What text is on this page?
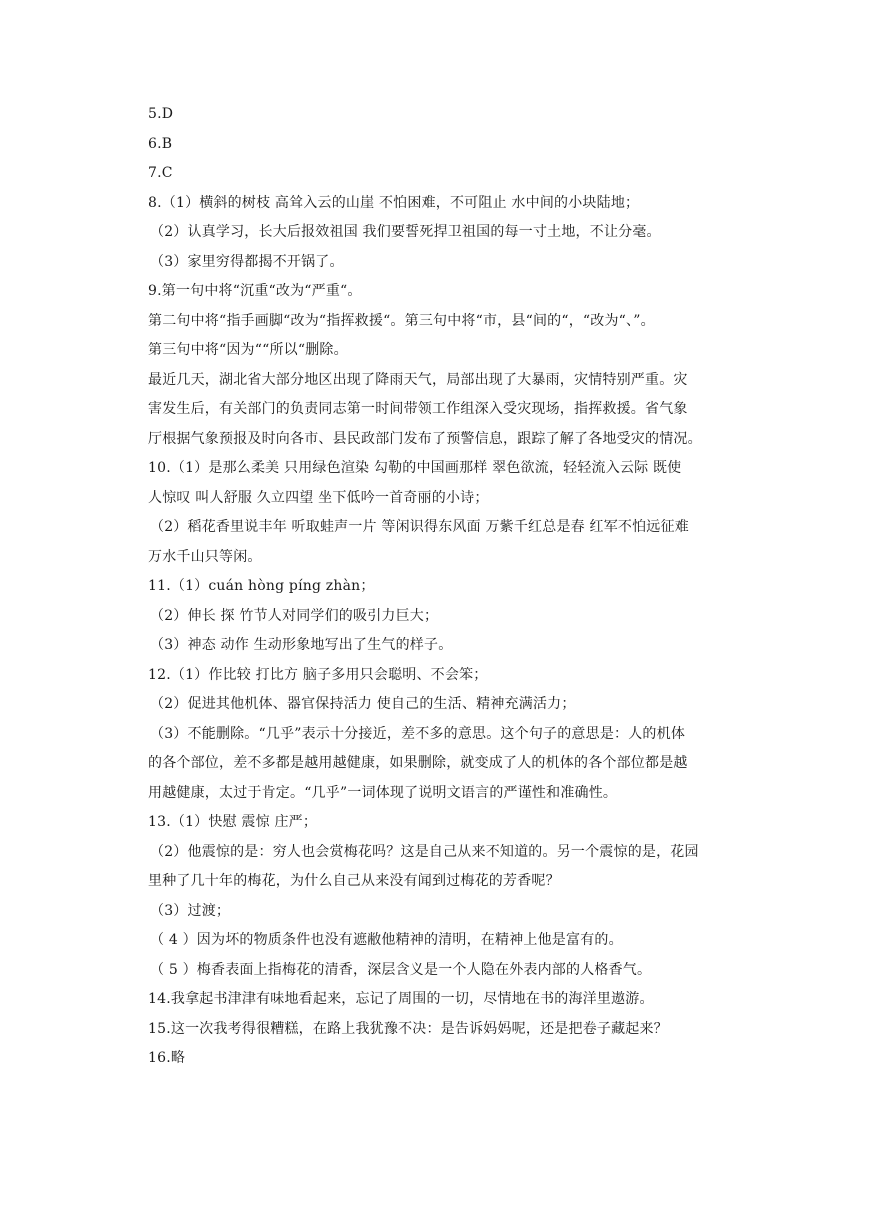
5.D
6.B
7.C
8.（1）横斜的树枝 高耸入云的山崖 不怕困难，不可阻止 水中间的小块陆地；
（2）认真学习，长大后报效祖国 我们要誓死捍卫祖国的每一寸土地，不让分毫。
（3）家里穷得都揭不开锅了。
9.第一句中将“沉重“改为“严重“。
第二句中将“指手画脚“改为“指挥救援“。第三句中将“市，县“间的“，“改为“、”。
第三句中将“因为““所以“删除。
最近几天，湖北省大部分地区出现了降雨天气，局部出现了大暴雨，灾情特别严重。灾
害发生后，有关部门的负责同志第一时间带领工作组深入受灾现场，指挥救援。省气象
厅根据气象预报及时向各市、县民政部门发布了预警信息，跟踪了解了各地受灾的情况。
10.（1）是那么柔美 只用绿色渲染 勾勒的中国画那样 翠色欲流，轻轻流入云际 既使
人惊叹 叫人舒服 久立四望 坐下低吟一首奇丽的小诗；
（2）稻花香里说丰年 听取蛙声一片 等闲识得东风面 万紫千红总是春 红军不怕远征难
万水千山只等闲。
11.（1）cuán hòng píng zhàn；
（2）伸长 探 竹节人对同学们的吸引力巨大；
（3）神态 动作 生动形象地写出了生气的样子。
12.（1）作比较 打比方 脑子多用只会聪明、不会笨；
（2）促进其他机体、器官保持活力 使自己的生活、精神充满活力；
（3）不能删除。“几乎”表示十分接近，差不多的意思。这个句子的意思是：人的机体
的各个部位，差不多都是越用越健康，如果删除，就变成了人的机体的各个部位都是越
用越健康，太过于肯定。“几乎”一词体现了说明文语言的严谨性和准确性。
13.（1）快慰 震惊 庄严；
（2）他震惊的是：穷人也会赏梅花吗？这是自己从来不知道的。另一个震惊的是，花园
里种了几十年的梅花，为什么自己从来没有闻到过梅花的芳香呢？
（3）过渡；
（ 4 ）因为坏的物质条件也没有遮敝他精神的清明，在精神上他是富有的。
（ 5 ）梅香表面上指梅花的清香，深层含义是一个人隐在外表内部的人格香气。
14.我拿起书津津有味地看起来，忘记了周围的一切，尽情地在书的海洋里遨游。
15.这一次我考得很糟糕，在路上我犹豫不决：是告诉妈妈呢，还是把卷子藏起来？
16.略
